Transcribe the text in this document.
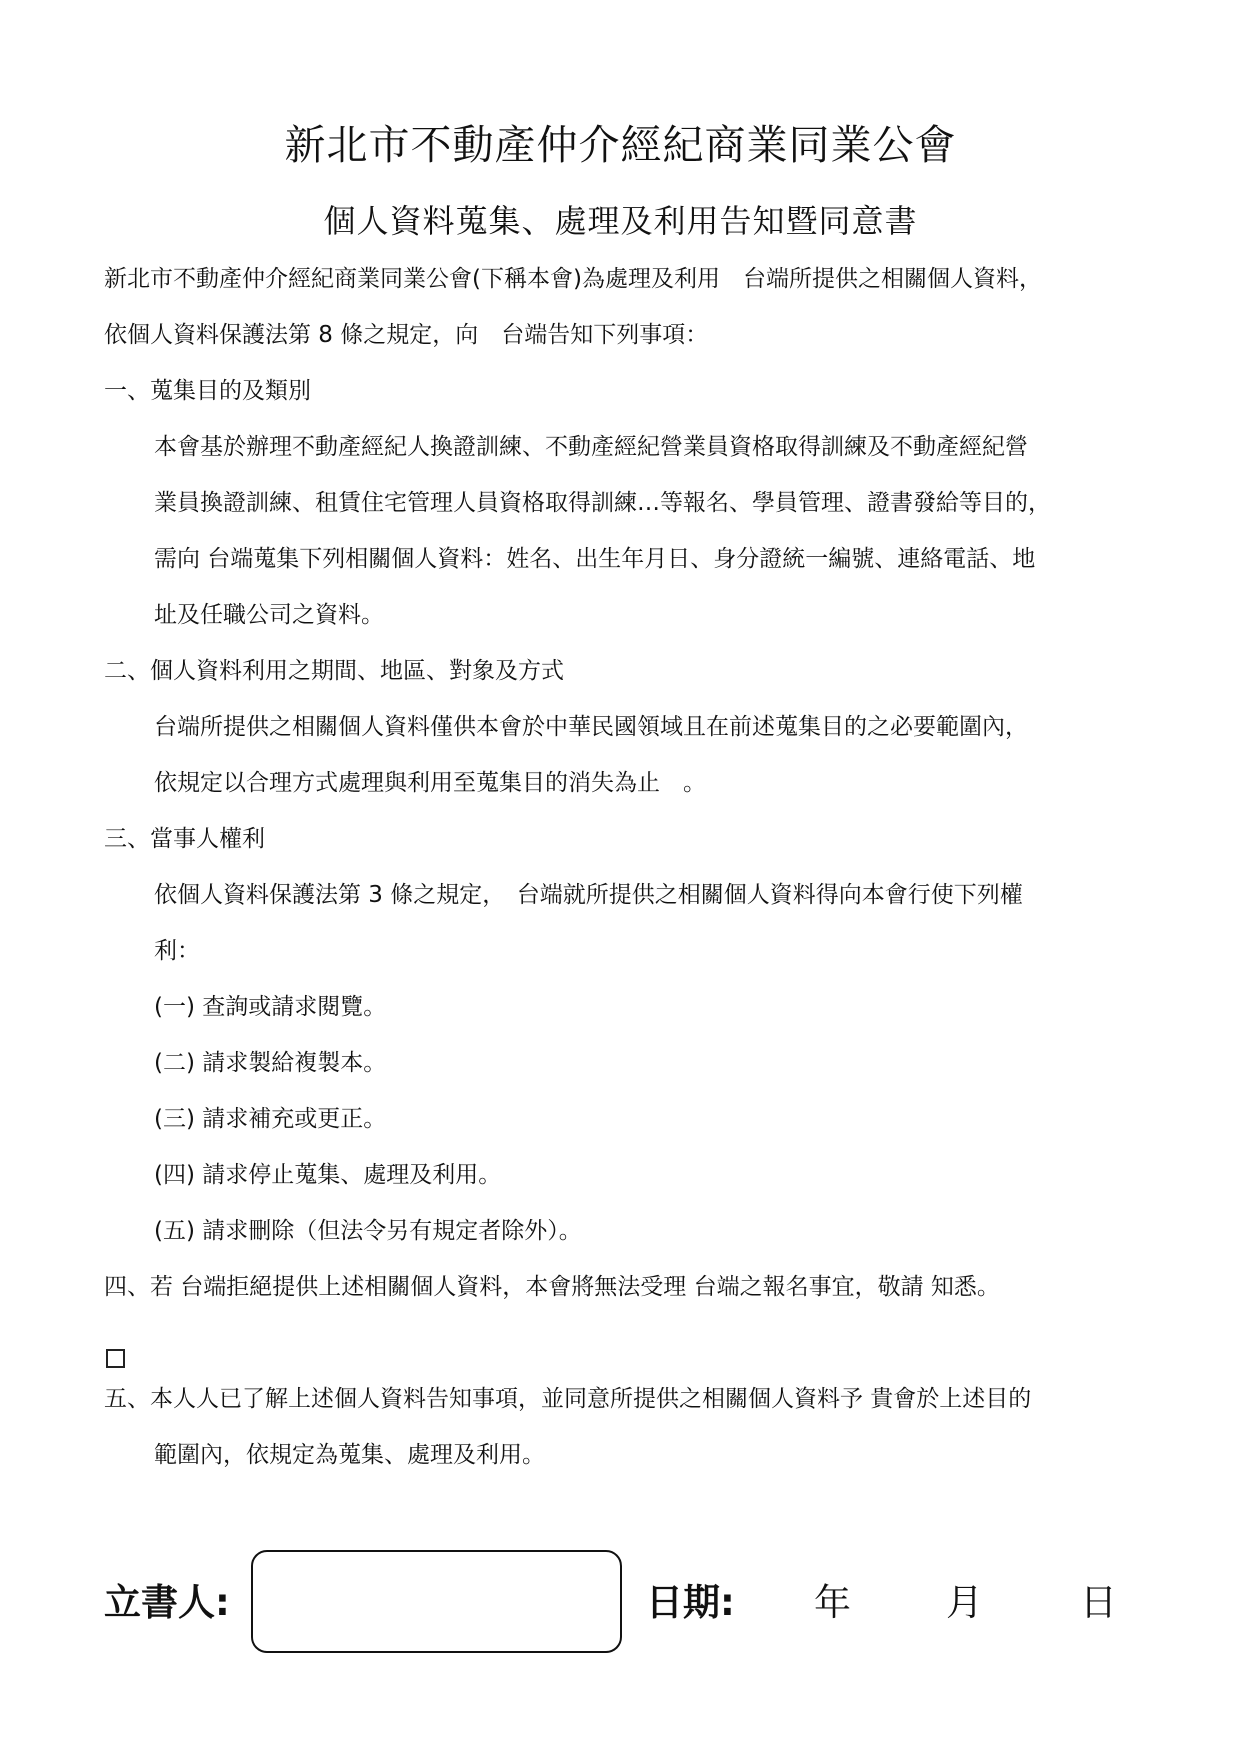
新北市不動產仲介經紀商業同業公會
個人資料蒐集、處理及利用告知暨同意書
新北市不動產仲介經紀商業同業公會(下稱本會)為處理及利用　台端所提供之相關個人資料，
依個人資料保護法第 8 條之規定，向　台端告知下列事項：
一、蒐集目的及類別
本會基於辦理不動產經紀人換證訓練、不動產經紀營業員資格取得訓練及不動產經紀營
業員換證訓練、租賃住宅管理人員資格取得訓練…等報名、學員管理、證書發給等目的，
需向 台端蒐集下列相關個人資料：姓名、出生年月日、身分證統一編號、連絡電話、地
址及任職公司之資料。
二、個人資料利用之期間、地區、對象及方式
台端所提供之相關個人資料僅供本會於中華民國領域且在前述蒐集目的之必要範圍內，
依規定以合理方式處理與利用至蒐集目的消失為止　。
三、當事人權利
依個人資料保護法第 3 條之規定，　台端就所提供之相關個人資料得向本會行使下列權
利：
(一) 查詢或請求閱覽。
(二) 請求製給複製本。
(三) 請求補充或更正。
(四) 請求停止蒐集、處理及利用。
(五) 請求刪除（但法令另有規定者除外）。
四、若 台端拒絕提供上述相關個人資料，本會將無法受理 台端之報名事宜，敬請 知悉。
五、本人人已了解上述個人資料告知事項，並同意所提供之相關個人資料予 貴會於上述目的
範圍內，依規定為蒐集、處理及利用。
立書人:	日期: 年	月	日
